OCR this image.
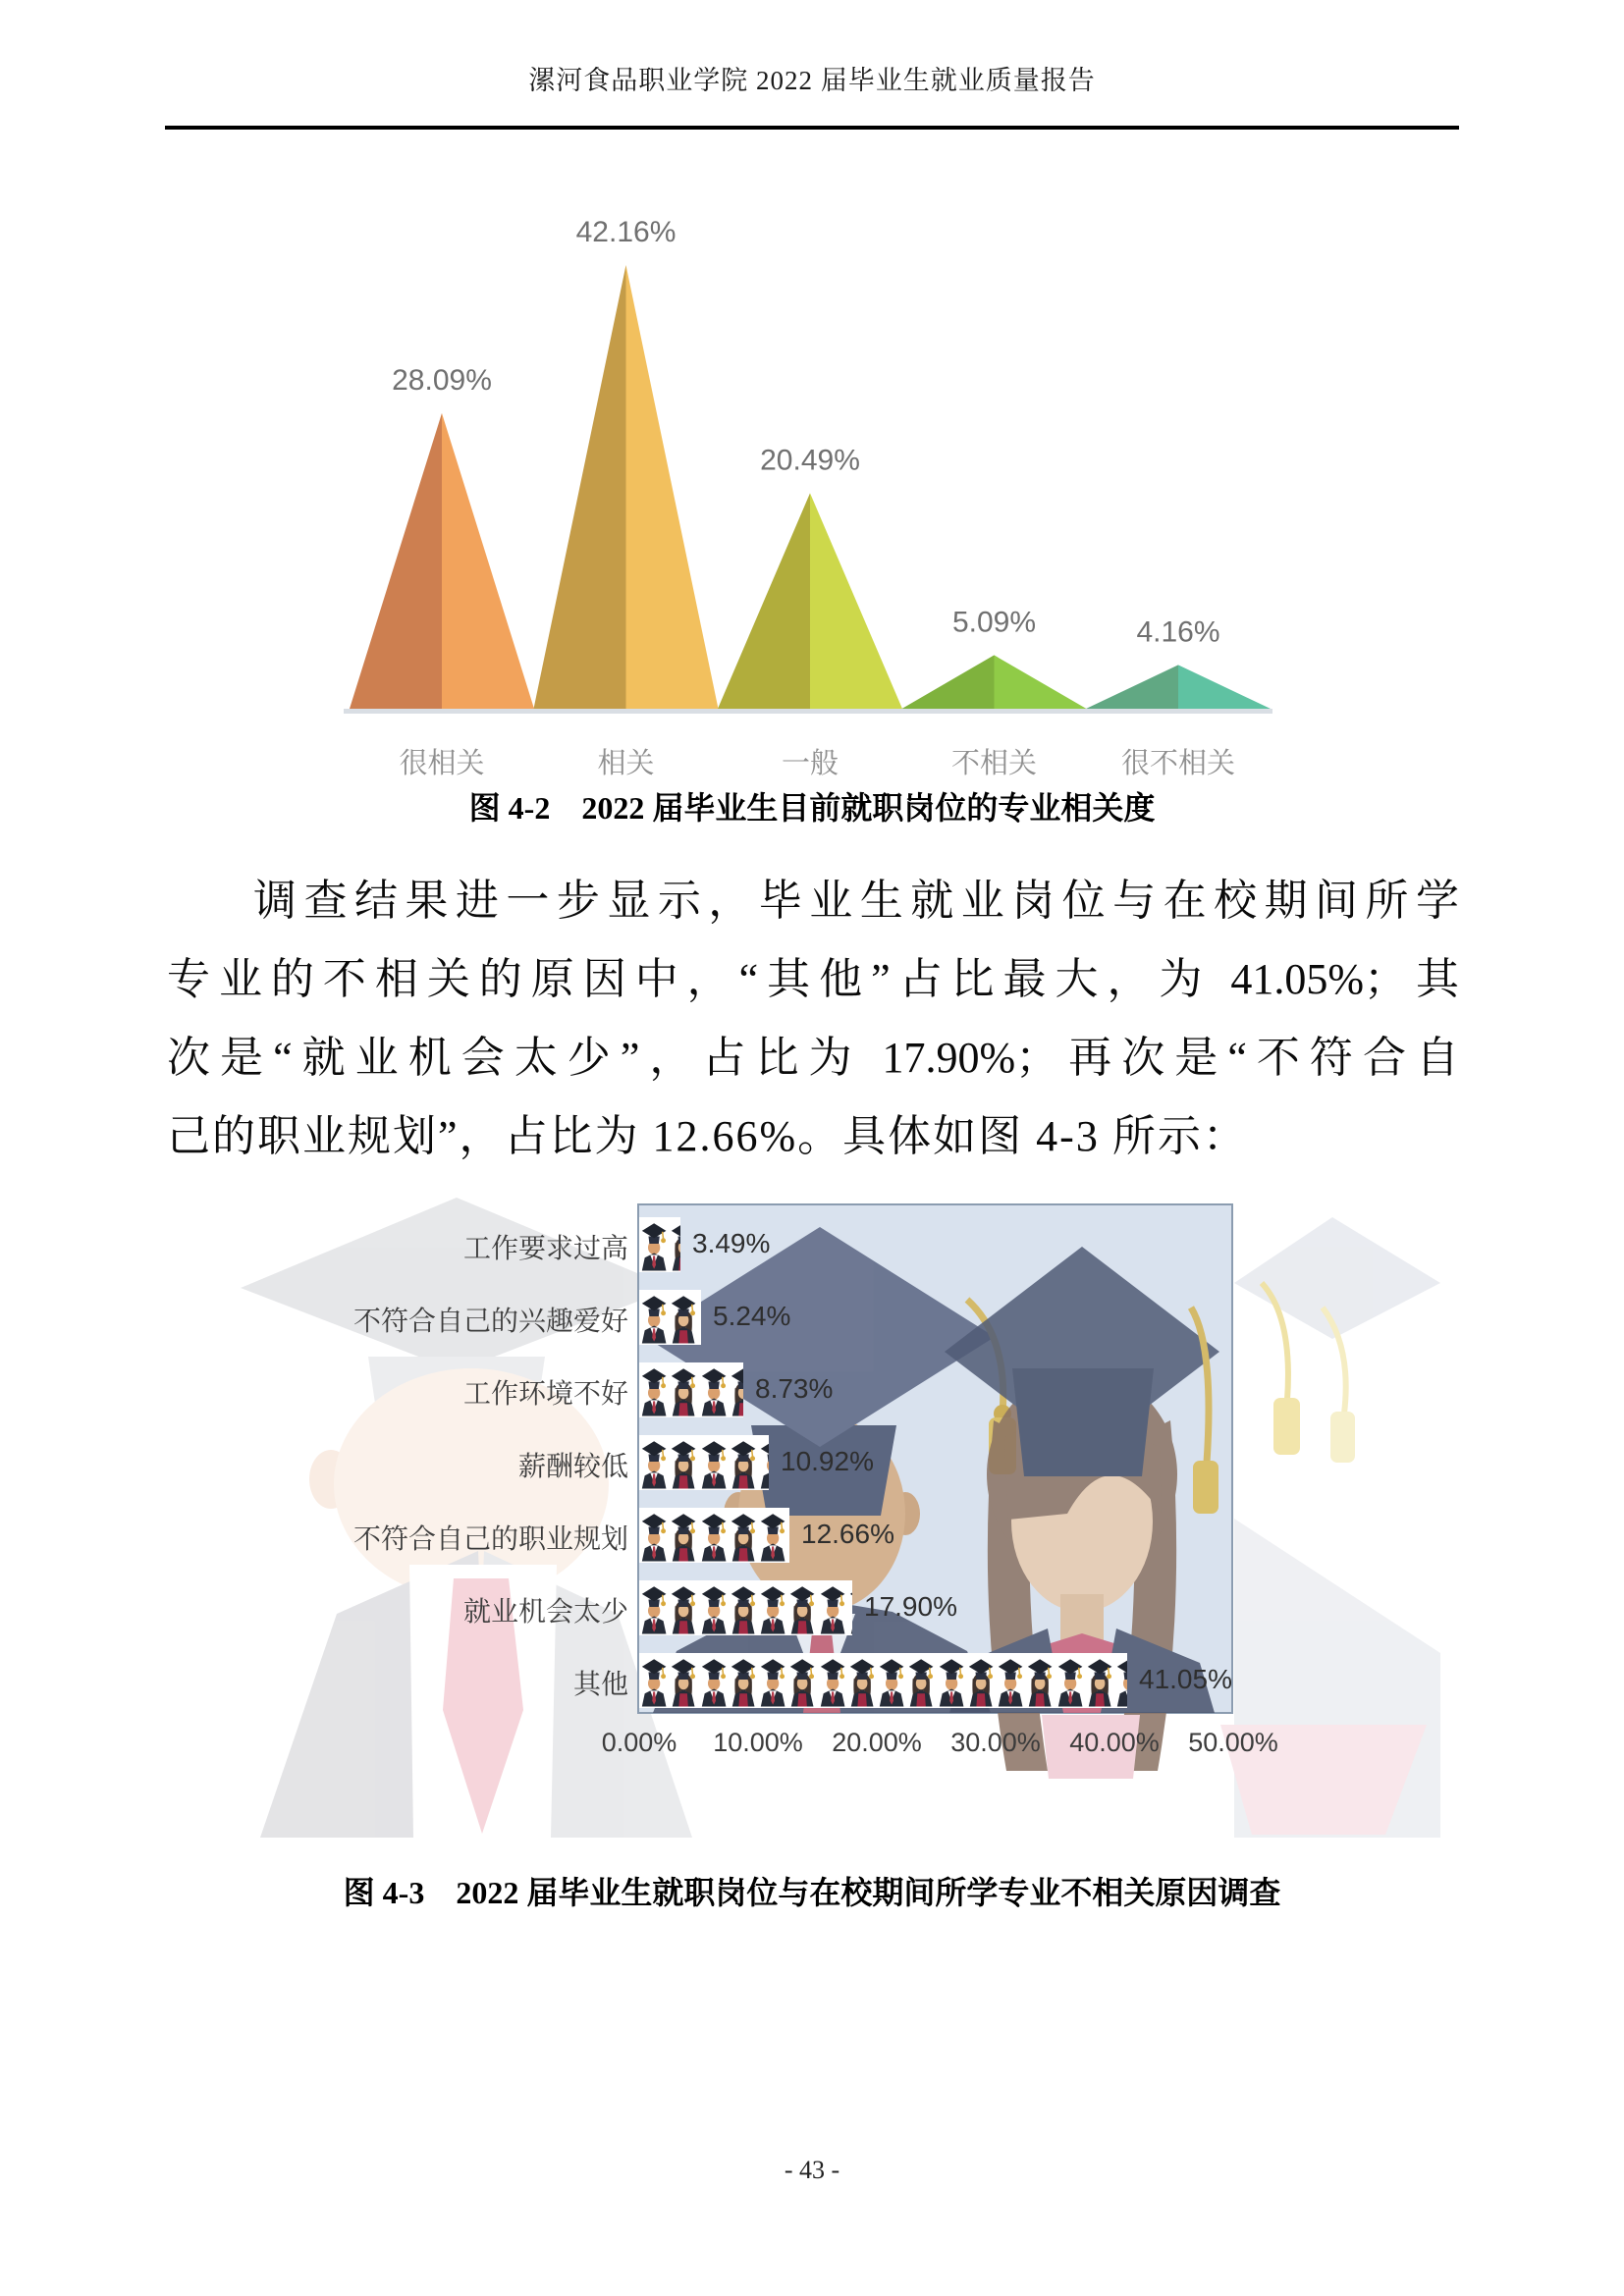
漯河食品职业学院 2022 届毕业生就业质量报告
28.09%
很相关
42.16%
相关
20.49%
一般
5.09%
不相关
4.16%
很不相关
图 4-2　2022 届毕业生目前就职岗位的专业相关度
调查结果进一步显示，毕业生就业岗位与在校期间所学
专业的不相关的原因中，“其他”占比最大，为 41.05%；其
次是“就业机会太少”，占比为 17.90%；再次是“不符合自
己的职业规划”，占比为 12.66%。具体如图 4-3 所示：
工作要求过高 3.49%
不符合自己的兴趣爱好	5.24%
工作环境不好	8.73%
薪酬较低	10.92%
不符合自己的职业规划	12.66%
就业机会太少	17.90%
其他	41.05%
0.00% 10.00% 20.00% 30.00% 40.00% 50.00%
图 4-3　2022 届毕业生就职岗位与在校期间所学专业不相关原因调查
- 43 -
